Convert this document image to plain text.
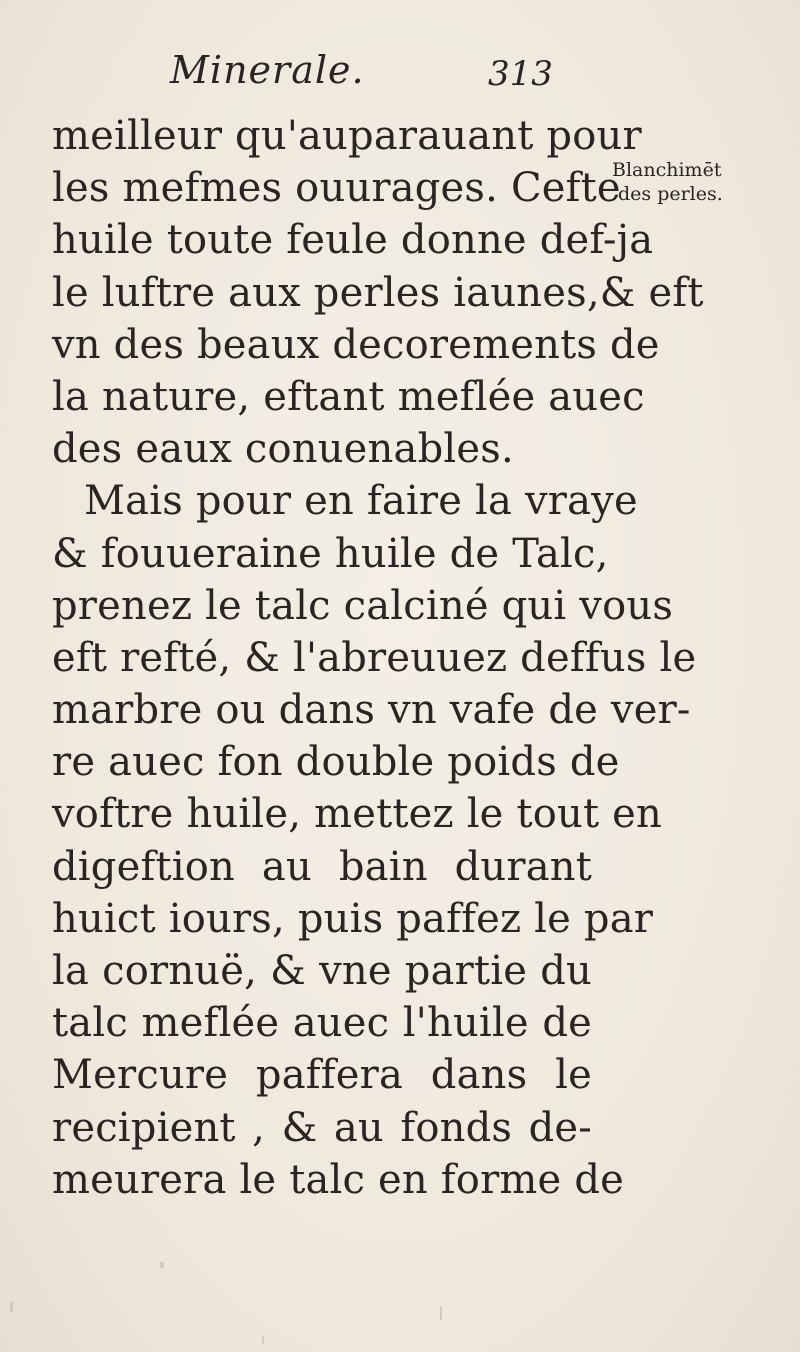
Minerale.	313
Blanchimēt
des perles.
meilleur qu'auparauant pour
les mefmes ouurages. Cefte
huile toute feule donne def-ja
le luftre aux perles iaunes,& eft
vn des beaux decorements de
la nature, eftant meflée auec
des eaux conuenables.
Mais pour en faire la vraye
& fouueraine huile de Talc,
prenez le talc calciné qui vous
eft refté, & l'abreuuez deffus le
marbre ou dans vn vafe de ver-
re auec fon double poids de
voftre huile, mettez le tout en
digeftion au bain durant
huict iours, puis paffez le par
la cornuë, & vne partie du
talc meflée auec l'huile de
Mercure paffera dans le
recipient , & au fonds de-
meurera le talc en forme de
